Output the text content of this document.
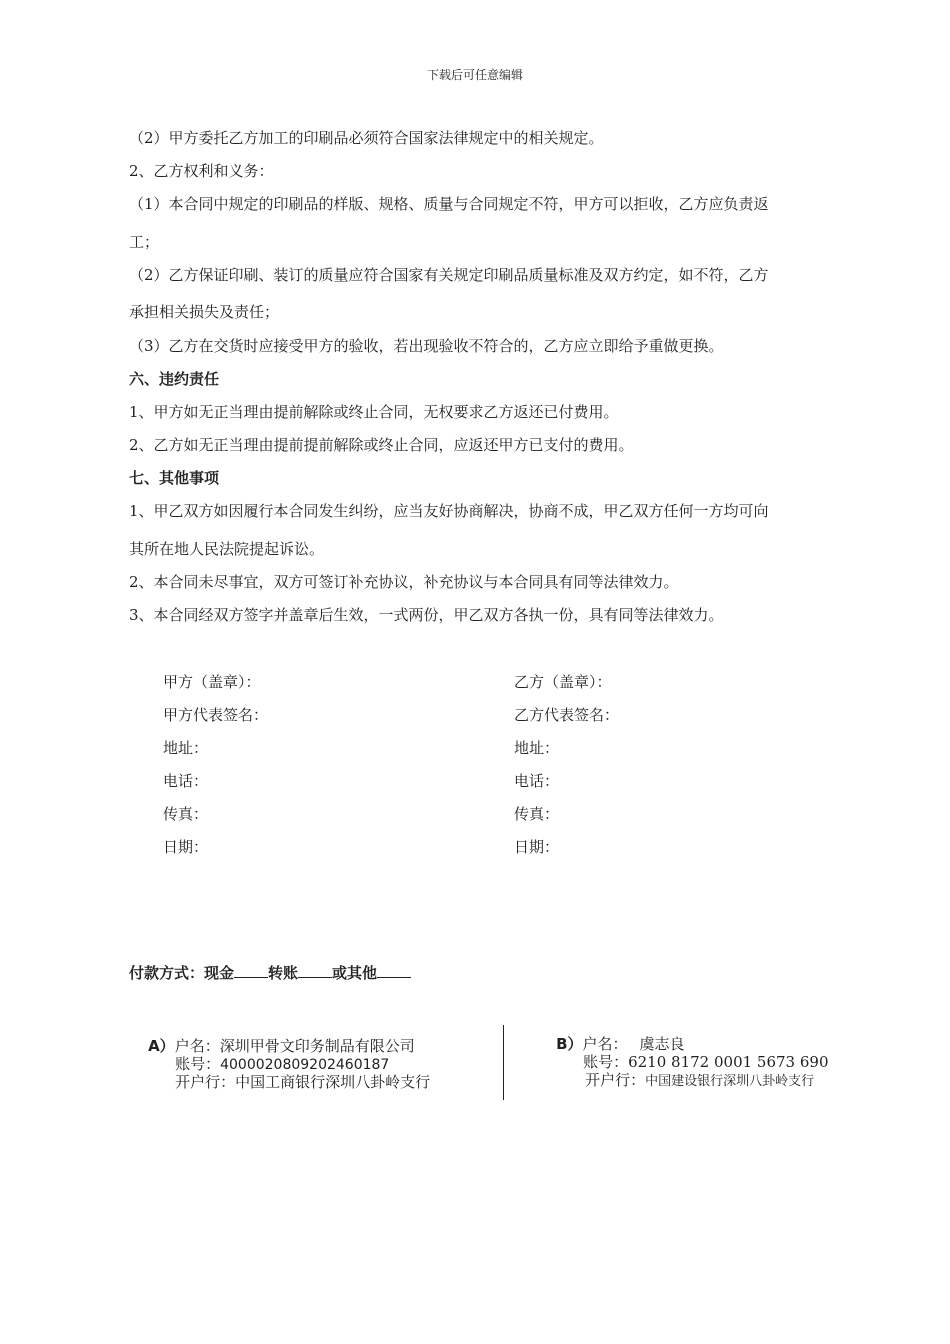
下载后可任意编辑
（2）甲方委托乙方加工的印刷品必须符合国家法律规定中的相关规定。
2、乙方权利和义务：
（1）本合同中规定的印刷品的样版、规格、质量与合同规定不符，甲方可以拒收，乙方应负责返
工；
（2）乙方保证印刷、装订的质量应符合国家有关规定印刷品质量标准及双方约定，如不符，乙方
承担相关损失及责任；
（3）乙方在交货时应接受甲方的验收，若出现验收不符合的，乙方应立即给予重做更换。
六、违约责任
1、甲方如无正当理由提前解除或终止合同，无权要求乙方返还已付费用。
2、乙方如无正当理由提前提前解除或终止合同，应返还甲方已支付的费用。
七、其他事项
1、甲乙双方如因履行本合同发生纠纷，应当友好协商解决，协商不成，甲乙双方任何一方均可向
其所在地人民法院提起诉讼。
2、本合同未尽事宜，双方可签订补充协议，补充协议与本合同具有同等法律效力。
3、本合同经双方签字并盖章后生效，一式两份，甲乙双方各执一份，具有同等法律效力。
甲方（盖章）：
甲方代表签名：
地址：
电话：
传真：
日期：
乙方（盖章）：
乙方代表签名：
地址：
电话：
传真：
日期：
付款方式：现金 转账 或其他

A）户名：深圳甲骨文印务制品有限公司

账号：4000020809202460187

开户行：中国工商银行深圳八卦岭支行

B）户名： 虞志良

账号：6210 8172 0001 5673 690

开户行：中国建设银行深圳八卦岭支行
